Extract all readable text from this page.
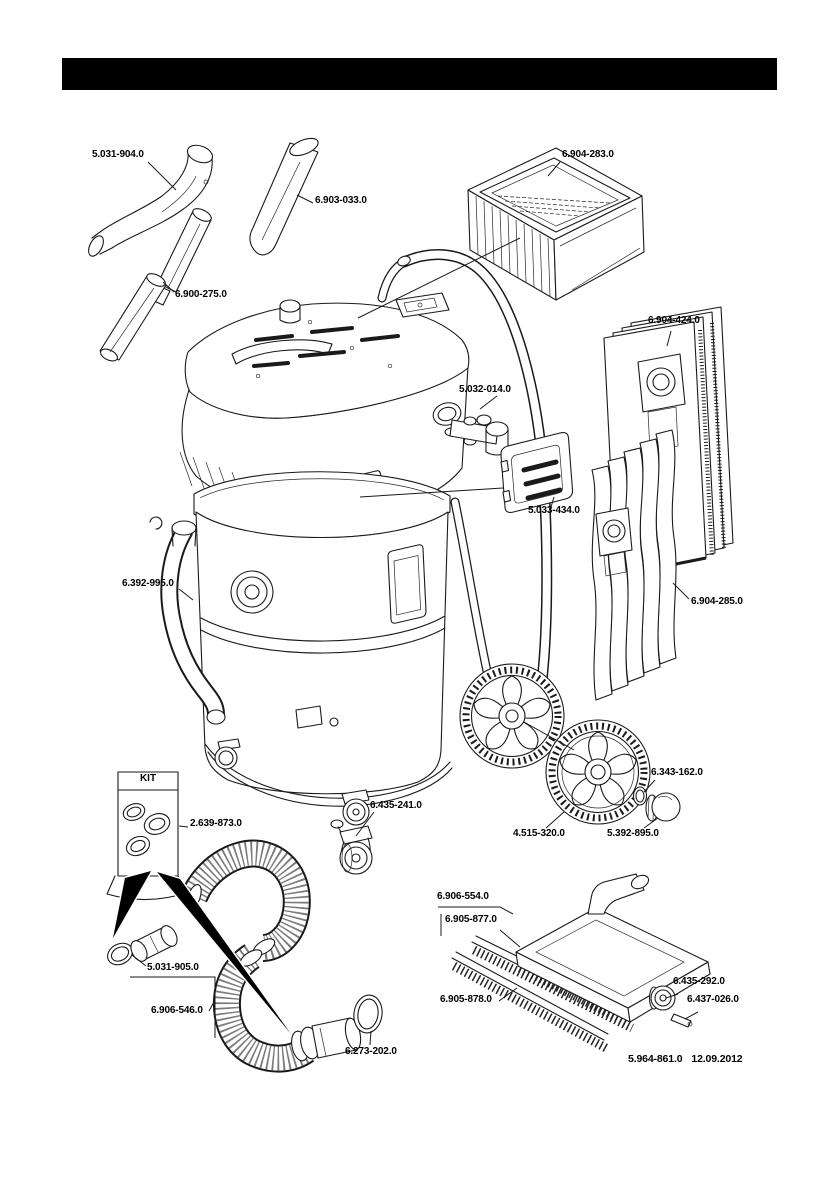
5.031-904.0
6.903-033.0
6.900-275.0
6.904-283.0
6.904-424.0
5.032-014.0
5.033-434.0
6.392-995.0
6.904-285.0
2.639-873.0
6.435-241.0
6.343-162.0
4.515-320.0	5.392-895.0
6.906-554.0
6.905-877.0
6.905-878.0
6.435-292.0
6.437-026.0
5.031-905.0
6.906-546.0
6.273-202.0
KIT
5.964-861.0 12.09.2012
